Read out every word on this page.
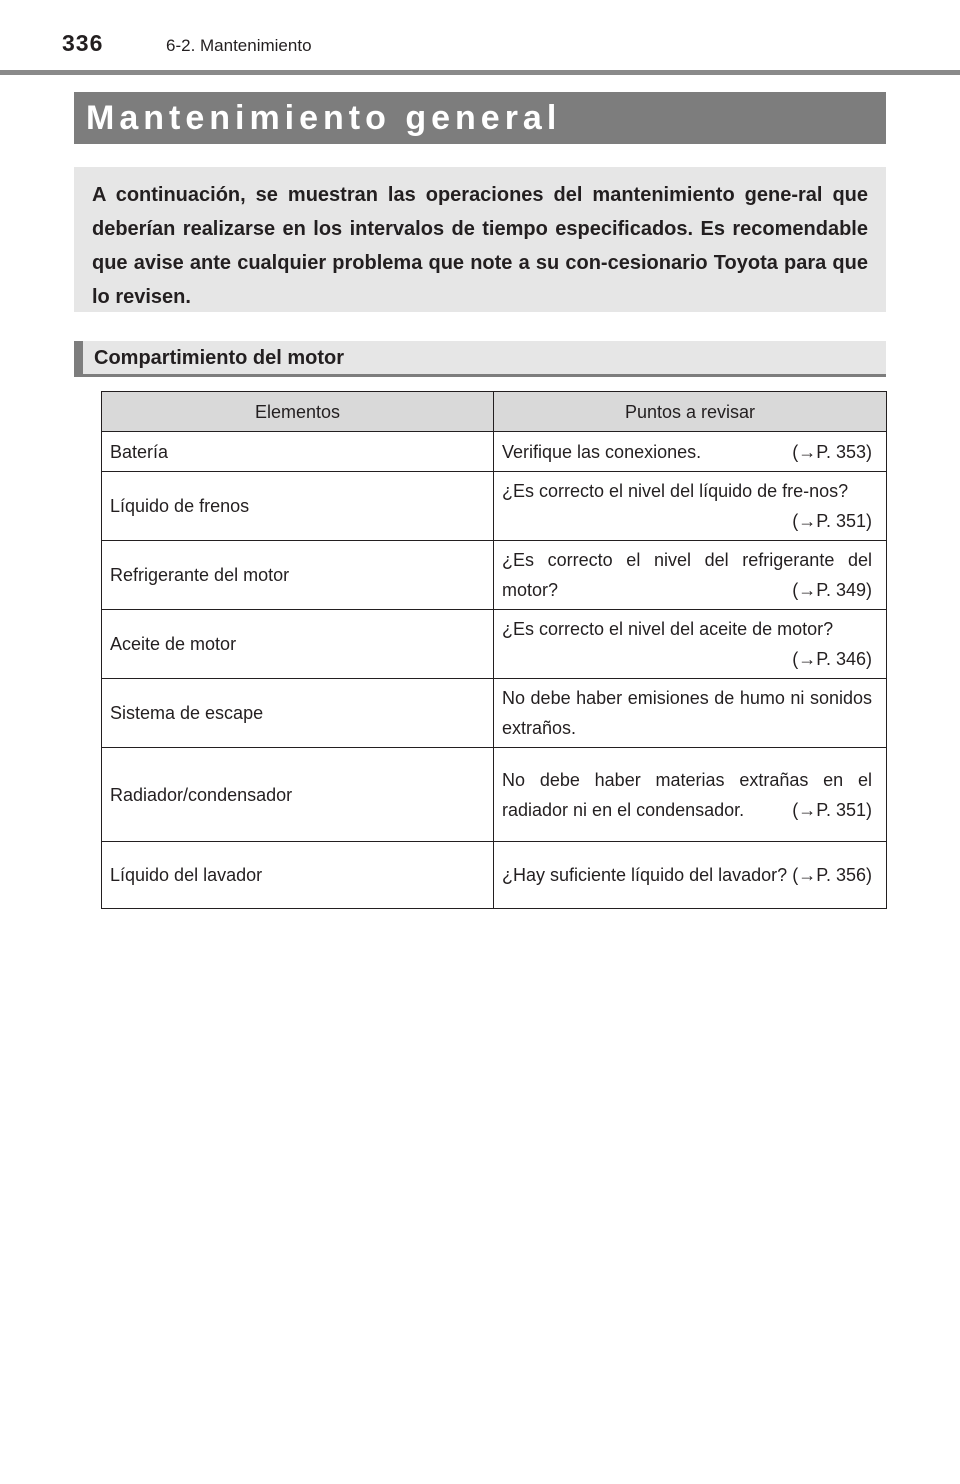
336	6-2. Mantenimiento
Mantenimiento general
A continuación, se muestran las operaciones del mantenimiento gene-ral que deberían realizarse en los intervalos de tiempo especificados. Es recomendable que avise ante cualquier problema que note a su con-cesionario Toyota para que lo revisen.
Compartimiento del motor
Elementos	Puntos a revisar
Batería	Verifique las conexiones. (→P. 353)

Líquido de frenos	¿Es correcto el nivel del líquido de fre-nos?
(→P. 351)

Refrigerante del motor	¿Es correcto el nivel del refrigerante del motor? (→P. 349)

Aceite de motor	¿Es correcto el nivel del aceite de motor?
(→P. 346)

Sistema de escape	No debe haber emisiones de humo ni sonidos extraños.

Radiador/condensador	No debe haber materias extrañas en el radiador ni en el condensador. (→P. 351)

Líquido del lavador	¿Hay suficiente líquido del lavador? (→P. 356)
